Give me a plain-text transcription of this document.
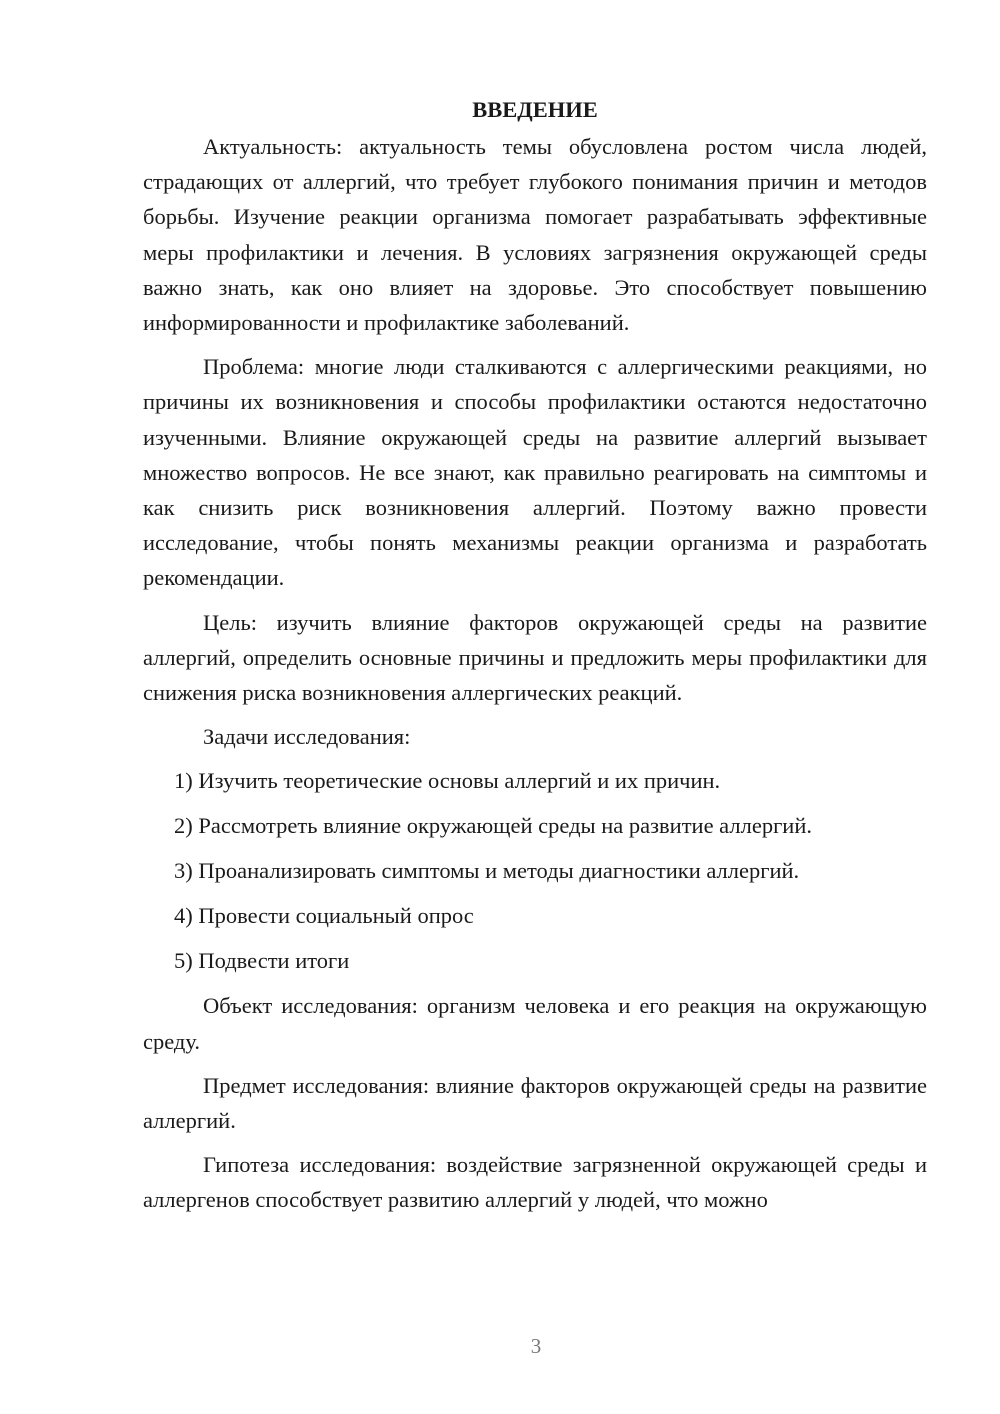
ВВЕДЕНИЕ

Актуальность: актуальность темы обусловлена ростом числа людей, страдающих от аллергий, что требует глубокого понимания причин и методов борьбы. Изучение реакции организма помогает разрабатывать эффективные меры профилактики и лечения. В условиях загрязнения окружающей среды важно знать, как оно влияет на здоровье. Это способствует повышению информированности и профилактике заболеваний.

Проблема: многие люди сталкиваются с аллергическими реакциями, но причины их возникновения и способы профилактики остаются недостаточно изученными. Влияние окружающей среды на развитие аллергий вызывает множество вопросов. Не все знают, как правильно реагировать на симптомы и как снизить риск возникновения аллергий. Поэтому важно провести исследование, чтобы понять механизмы реакции организма и разработать рекомендации.

Цель: изучить влияние факторов окружающей среды на развитие аллергий, определить основные причины и предложить меры профилактики для снижения риска возникновения аллергических реакций.

Задачи исследования:

1) Изучить теоретические основы аллергий и их причин.
2) Рассмотреть влияние окружающей среды на развитие аллергий.
3) Проанализировать симптомы и методы диагностики аллергий.
4) Провести социальный опрос
5) Подвести итоги

Объект исследования: организм человека и его реакция на окружающую среду.

Предмет исследования: влияние факторов окружающей среды на развитие аллергий.

Гипотеза исследования: воздействие загрязненной окружающей среды и аллергенов способствует развитию аллергий у людей, что можно

3
